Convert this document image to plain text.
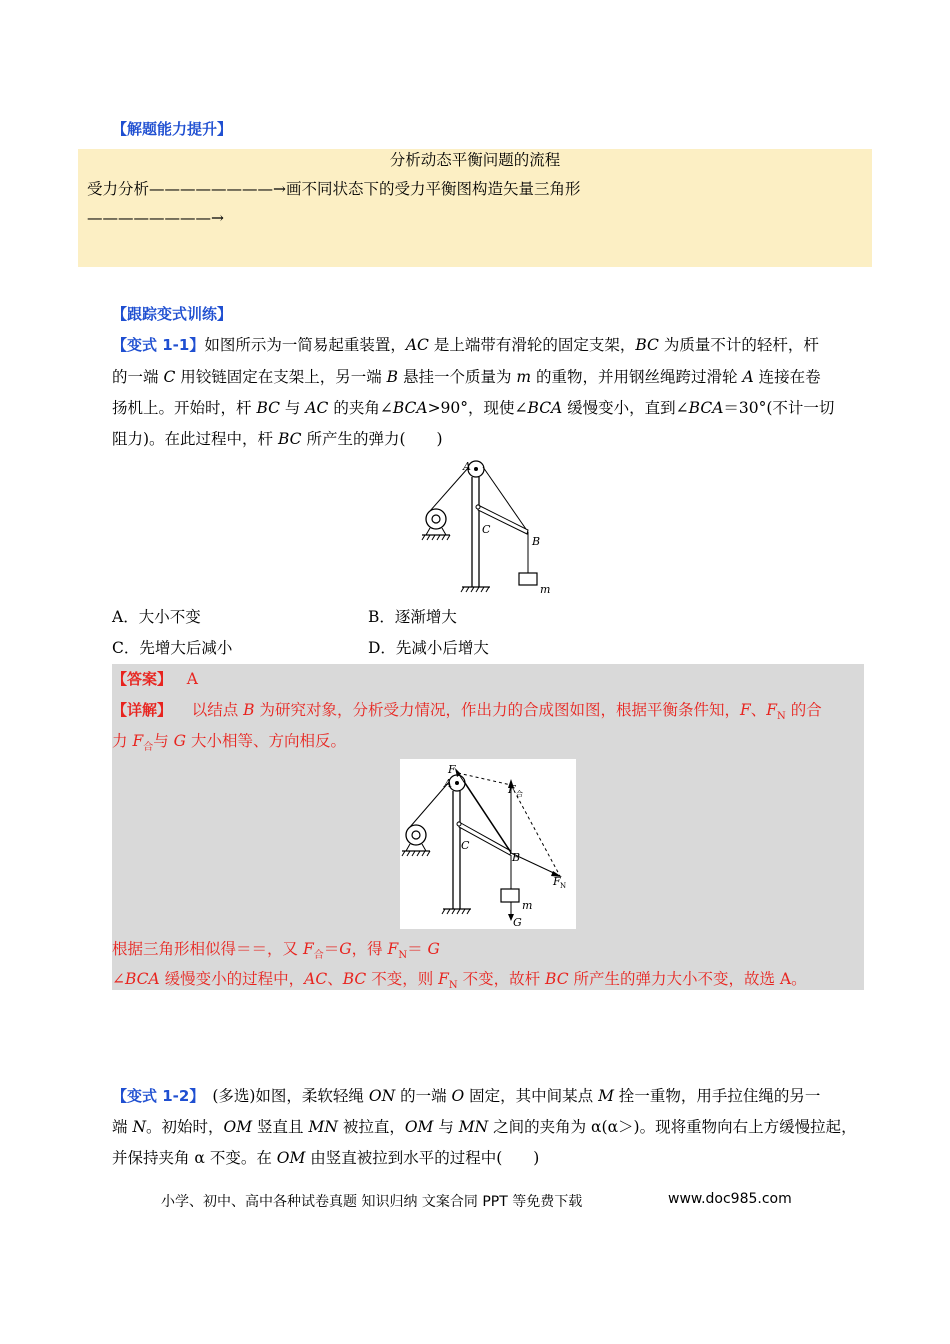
【解题能力提升】
分析动态平衡问题的流程
受力分析————————→画不同状态下的受力平衡图构造矢量三角形
————————→
【跟踪变式训练】
【变式 1-1】如图所示为一简易起重装置，AC 是上端带有滑轮的固定支架，BC 为质量不计的轻杆，杆
的一端 C 用铰链固定在支架上，另一端 B 悬挂一个质量为 m 的重物，并用钢丝绳跨过滑轮 A 连接在卷
扬机上。开始时，杆 BC 与 AC 的夹角∠BCA>90°，现使∠BCA 缓慢变小，直到∠BCA＝30°(不计一切
阻力)。在此过程中，杆 BC 所产生的弹力(　　)
A
C
B
m
A．大小不变	B．逐渐增大
C．先增大后减小	D．先减小后增大
【答案】 A
【详解】 以结点 B 为研究对象，分析受力情况，作出力的合成图如图，根据平衡条件知，F、$F_N$ 的合
力 $F_合$与 G 大小相等、方向相反。
F
A	F 合
C
B
F N
m
G
根据三角形相似得＝＝，又 $F_合=G$，得 $F_N= G$
∠BCA 缓慢变小的过程中，AC、BC 不变，则 $F_N$ 不变，故杆 BC 所产生的弹力大小不变，故选 A。
【变式 1-2】　(多选)如图，柔软轻绳 ON 的一端 O 固定，其中间某点 M 拴一重物，用手拉住绳的另一
端 N。初始时，OM 竖直且 MN 被拉直，OM 与 MN 之间的夹角为 α(α＞)。现将重物向右上方缓慢拉起，
并保持夹角 α 不变。在 OM 由竖直被拉到水平的过程中(　　)
小学、初中、高中各种试卷真题 知识归纳 文案合同 PPT 等免费下载	www.doc985.com
